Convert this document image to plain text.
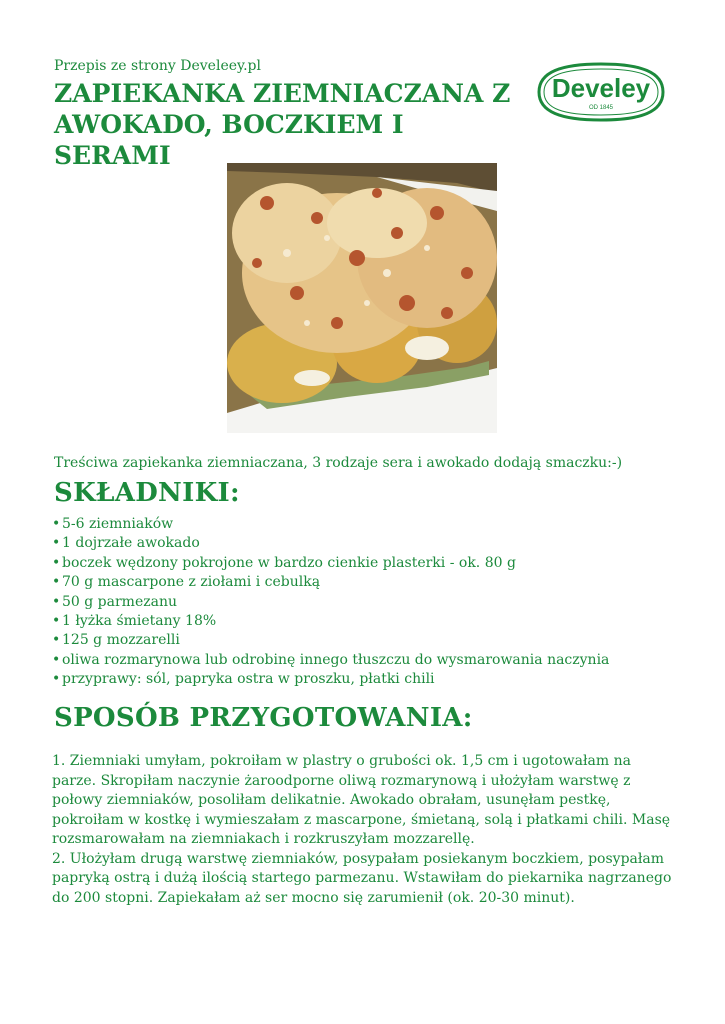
Przepis ze strony Develeey.pl
ZAPIEKANKA ZIEMNIACZANA Z AWOKADO, BOCZKIEM I SERAMI
Develey
OD 1845
Treściwa zapiekanka ziemniaczana, 3 rodzaje sera i awokado dodają smaczku:-)
SKŁADNIKI:
• 5-6 ziemniaków
• 1 dojrzałe awokado
• boczek wędzony pokrojone w bardzo cienkie plasterki - ok. 80 g
• 70 g mascarpone z ziołami i cebulką
• 50 g parmezanu
• 1 łyżka śmietany 18%
• 125 g mozzarelli
• oliwa rozmarynowa lub odrobinę innego tłuszczu do wysmarowania naczynia
• przyprawy: sól, papryka ostra w proszku, płatki chili
SPOSÓB PRZYGOTOWANIA:

1. Ziemniaki umyłam, pokroiłam w plastry o grubości ok. 1,5 cm i ugotowałam na parze. Skropiłam naczynie żaroodporne oliwą rozmarynową i ułożyłam warstwę z połowy ziemniaków, posoliłam delikatnie. Awokado obrałam, usunęłam pestkę, pokroiłam w kostkę i wymieszałam z mascarpone, śmietaną, solą i płatkami chili. Masę rozsmarowałam na ziemniakach i rozkruszyłam mozzarellę.

2. Ułożyłam drugą warstwę ziemniaków, posypałam posiekanym boczkiem, posypałam papryką ostrą i dużą ilością startego parmezanu. Wstawiłam do piekarnika nagrzanego do 200 stopni. Zapiekałam aż ser mocno się zarumienił (ok. 20-30 minut).
